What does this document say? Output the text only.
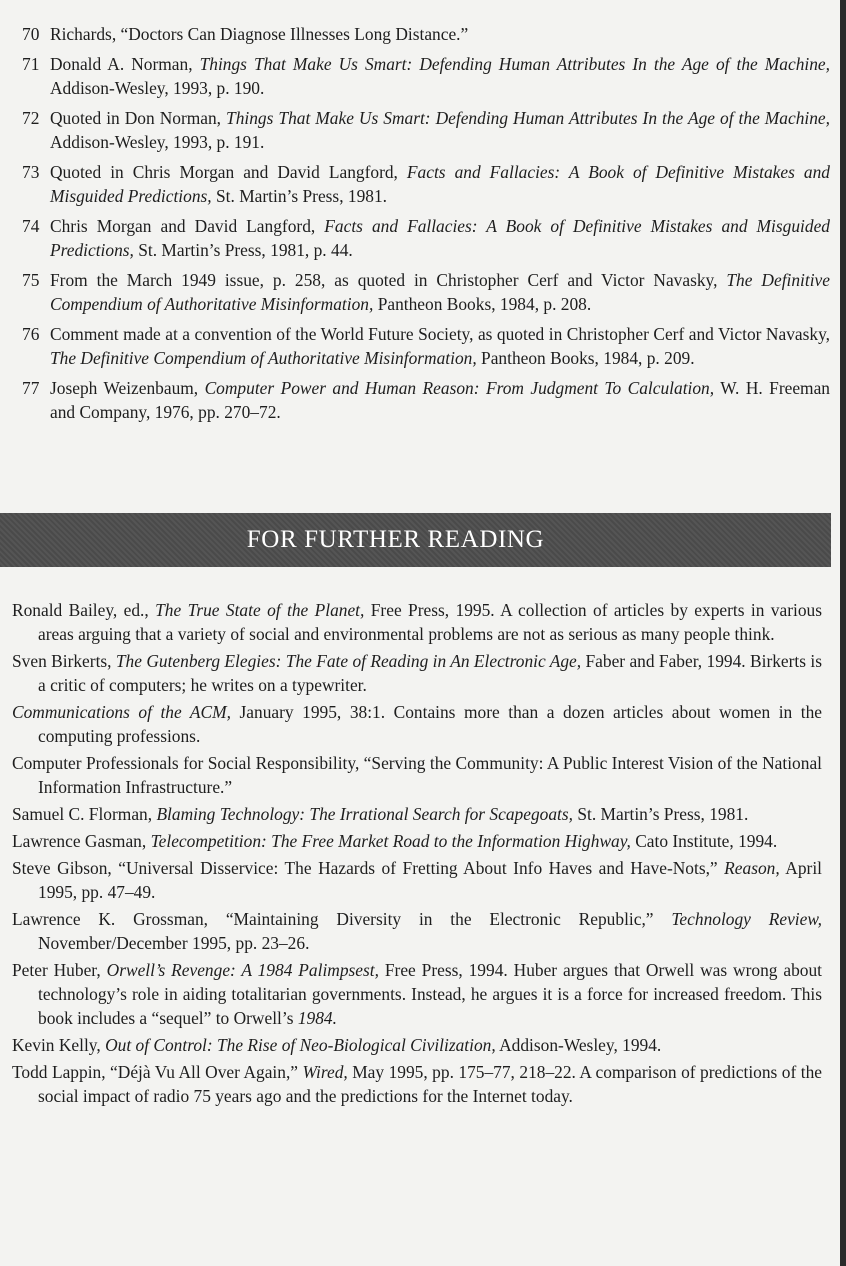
70 Richards, “Doctors Can Diagnose Illnesses Long Distance.”
71 Donald A. Norman, Things That Make Us Smart: Defending Human Attributes In the Age of the Machine, Addison-Wesley, 1993, p. 190.
72 Quoted in Don Norman, Things That Make Us Smart: Defending Human Attributes In the Age of the Machine, Addison-Wesley, 1993, p. 191.
73 Quoted in Chris Morgan and David Langford, Facts and Fallacies: A Book of Definitive Mistakes and Misguided Predictions, St. Martin’s Press, 1981.
74 Chris Morgan and David Langford, Facts and Fallacies: A Book of Definitive Mistakes and Misguided Predictions, St. Martin’s Press, 1981, p. 44.
75 From the March 1949 issue, p. 258, as quoted in Christopher Cerf and Victor Navasky, The Definitive Compendium of Authoritative Misinformation, Pantheon Books, 1984, p. 208.
76 Comment made at a convention of the World Future Society, as quoted in Christopher Cerf and Victor Navasky, The Definitive Compendium of Authoritative Misinformation, Pantheon Books, 1984, p. 209.
77 Joseph Weizenbaum, Computer Power and Human Reason: From Judgment To Calculation, W. H. Freeman and Company, 1976, pp. 270–72.
FOR FURTHER READING
Ronald Bailey, ed., The True State of the Planet, Free Press, 1995. A collection of articles by experts in various areas arguing that a variety of social and environmental problems are not as serious as many people think.
Sven Birkerts, The Gutenberg Elegies: The Fate of Reading in An Electronic Age, Faber and Faber, 1994. Birkerts is a critic of computers; he writes on a typewriter.
Communications of the ACM, January 1995, 38:1. Contains more than a dozen articles about women in the computing professions.
Computer Professionals for Social Responsibility, “Serving the Community: A Public Interest Vision of the National Information Infrastructure.”
Samuel C. Florman, Blaming Technology: The Irrational Search for Scapegoats, St. Martin’s Press, 1981.
Lawrence Gasman, Telecompetition: The Free Market Road to the Information Highway, Cato Institute, 1994.
Steve Gibson, “Universal Disservice: The Hazards of Fretting About Info Haves and Have-Nots,” Reason, April 1995, pp. 47–49.
Lawrence K. Grossman, “Maintaining Diversity in the Electronic Republic,” Technology Review, November/December 1995, pp. 23–26.
Peter Huber, Orwell’s Revenge: A 1984 Palimpsest, Free Press, 1994. Huber argues that Orwell was wrong about technology’s role in aiding totalitarian governments. Instead, he argues it is a force for increased freedom. This book includes a “sequel” to Orwell’s 1984.
Kevin Kelly, Out of Control: The Rise of Neo-Biological Civilization, Addison-Wesley, 1994.
Todd Lappin, “Déjà Vu All Over Again,” Wired, May 1995, pp. 175–77, 218–22. A comparison of predictions of the social impact of radio 75 years ago and the predictions for the Internet today.
